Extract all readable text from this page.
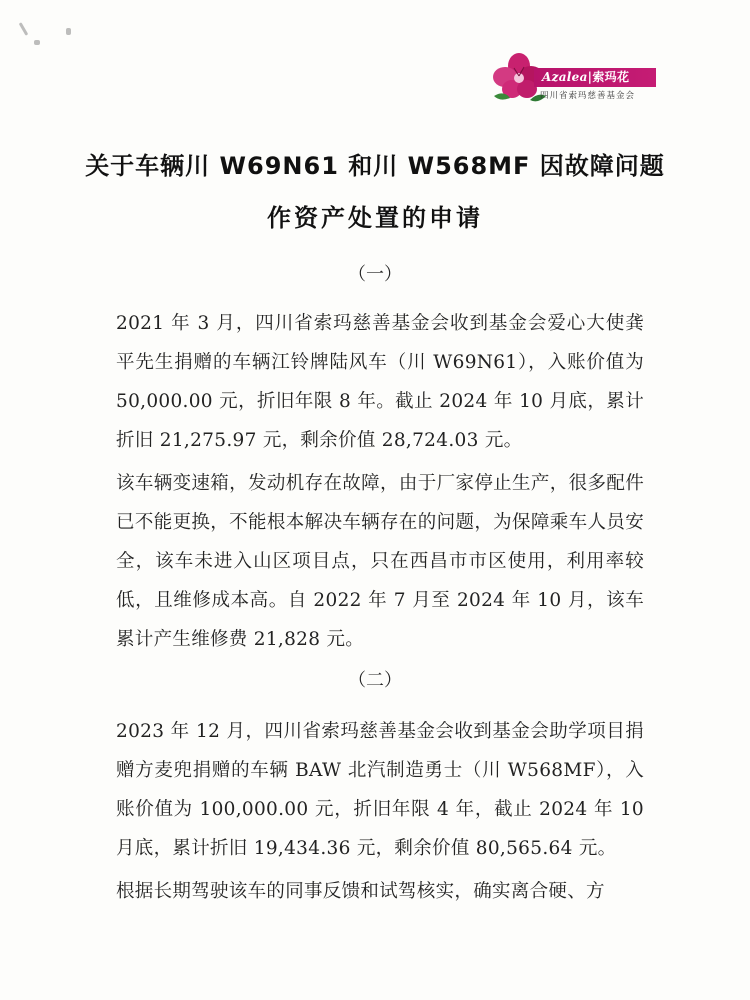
Azalea|索玛花
四川省索玛慈善基金会
关于车辆川 W69N61 和川 W568MF 因故障问题
作资产处置的申请
（一）
2021 年 3 月，四川省索玛慈善基金会收到基金会爱心大使龚平先生捐赠的车辆江铃牌陆风车（川 W69N61），入账价值为 50,000.00 元，折旧年限 8 年。截止 2024 年 10 月底，累计折旧 21,275.97 元，剩余价值 28,724.03 元。
该车辆变速箱，发动机存在故障，由于厂家停止生产，很多配件已不能更换，不能根本解决车辆存在的问题，为保障乘车人员安全，该车未进入山区项目点，只在西昌市市区使用，利用率较低，且维修成本高。自 2022 年 7 月至 2024 年 10 月，该车累计产生维修费 21,828 元。
（二）
2023 年 12 月，四川省索玛慈善基金会收到基金会助学项目捐赠方麦兜捐赠的车辆 BAW 北汽制造勇士（川 W568MF），入账价值为 100,000.00 元，折旧年限 4 年，截止 2024 年 10 月底，累计折旧 19,434.36 元，剩余价值 80,565.64 元。
根据长期驾驶该车的同事反馈和试驾核实，确实离合硬、方
